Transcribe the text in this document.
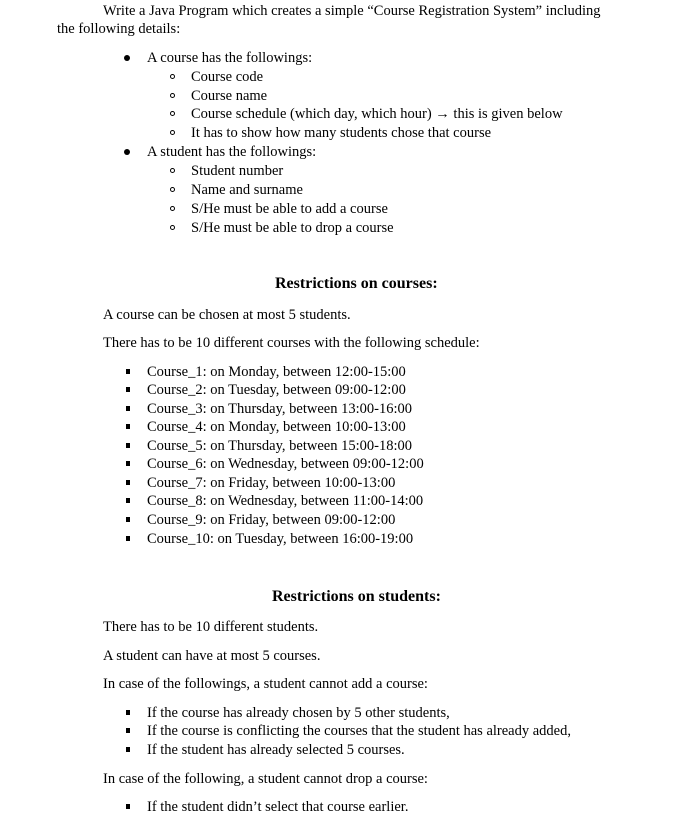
Write a Java Program which creates a simple “Course Registration System” including
the following details:
A course has the followings:
Course code
Course name
Course schedule (which day, which hour) → this is given below
It has to show how many students chose that course
A student has the followings:
Student number
Name and surname
S/He must be able to add a course
S/He must be able to drop a course
Restrictions on courses:
A course can be chosen at most 5 students.
There has to be 10 different courses with the following schedule:
Course_1: on Monday, between 12:00-15:00
Course_2: on Tuesday, between 09:00-12:00
Course_3: on Thursday, between 13:00-16:00
Course_4: on Monday, between 10:00-13:00
Course_5: on Thursday, between 15:00-18:00
Course_6: on Wednesday, between 09:00-12:00
Course_7: on Friday, between 10:00-13:00
Course_8: on Wednesday, between 11:00-14:00
Course_9: on Friday, between 09:00-12:00
Course_10: on Tuesday, between 16:00-19:00
Restrictions on students:
There has to be 10 different students.
A student can have at most 5 courses.
In case of the followings, a student cannot add a course:
If the course has already chosen by 5 other students,
If the course is conflicting the courses that the student has already added,
If the student has already selected 5 courses.
In case of the following, a student cannot drop a course:
If the student didn’t select that course earlier.
